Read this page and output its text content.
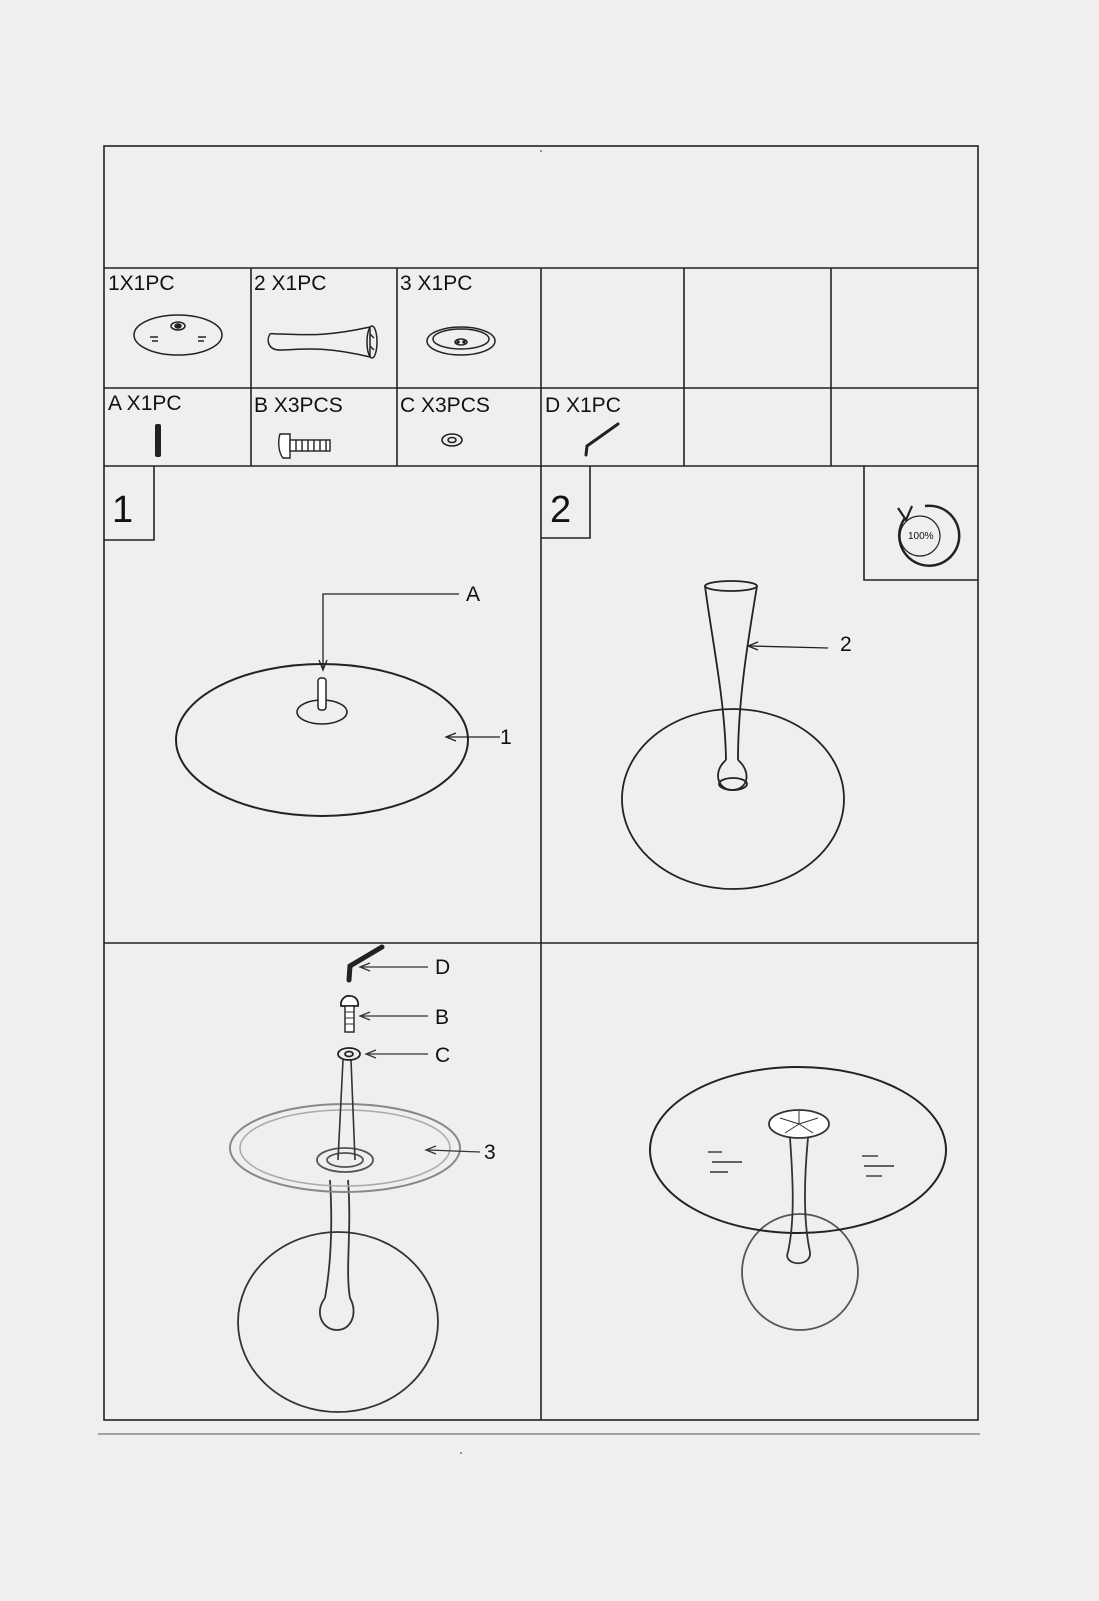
1X1PC	2 X1PC	3 X1PC
A X1PC	B X3PCS	C X3PCS	D X1PC
1	2
A
1
2
100%
D
B
C
3
